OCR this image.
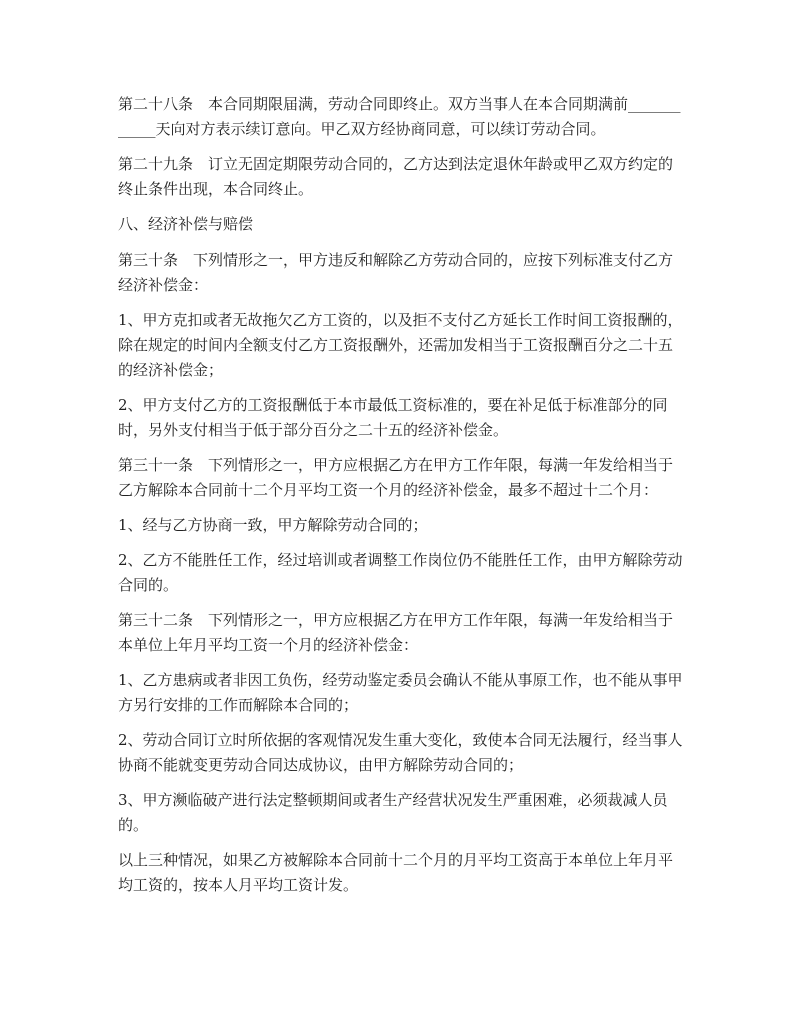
第二十八条　本合同期限届满，劳动合同即终止。双方当事人在本合同期满前____________天向对方表示续订意向。甲乙双方经协商同意，可以续订劳动合同。

第二十九条　订立无固定期限劳动合同的，乙方达到法定退休年龄或甲乙双方约定的终止条件出现，本合同终止。

八、经济补偿与赔偿

第三十条　下列情形之一，甲方违反和解除乙方劳动合同的，应按下列标准支付乙方经济补偿金：

1、甲方克扣或者无故拖欠乙方工资的，以及拒不支付乙方延长工作时间工资报酬的，除在规定的时间内全额支付乙方工资报酬外，还需加发相当于工资报酬百分之二十五的经济补偿金；

2、甲方支付乙方的工资报酬低于本市最低工资标准的，要在补足低于标准部分的同时，另外支付相当于低于部分百分之二十五的经济补偿金。

第三十一条　下列情形之一，甲方应根据乙方在甲方工作年限，每满一年发给相当于乙方解除本合同前十二个月平均工资一个月的经济补偿金，最多不超过十二个月：

1、经与乙方协商一致，甲方解除劳动合同的；

2、乙方不能胜任工作，经过培训或者调整工作岗位仍不能胜任工作，由甲方解除劳动合同的。

第三十二条　下列情形之一，甲方应根据乙方在甲方工作年限，每满一年发给相当于本单位上年月平均工资一个月的经济补偿金：

1、乙方患病或者非因工负伤，经劳动鉴定委员会确认不能从事原工作，也不能从事甲方另行安排的工作而解除本合同的；

2、劳动合同订立时所依据的客观情况发生重大变化，致使本合同无法履行，经当事人协商不能就变更劳动合同达成协议，由甲方解除劳动合同的；

3、甲方濒临破产进行法定整顿期间或者生产经营状况发生严重困难，必须裁减人员的。

以上三种情况，如果乙方被解除本合同前十二个月的月平均工资高于本单位上年月平均工资的，按本人月平均工资计发。
